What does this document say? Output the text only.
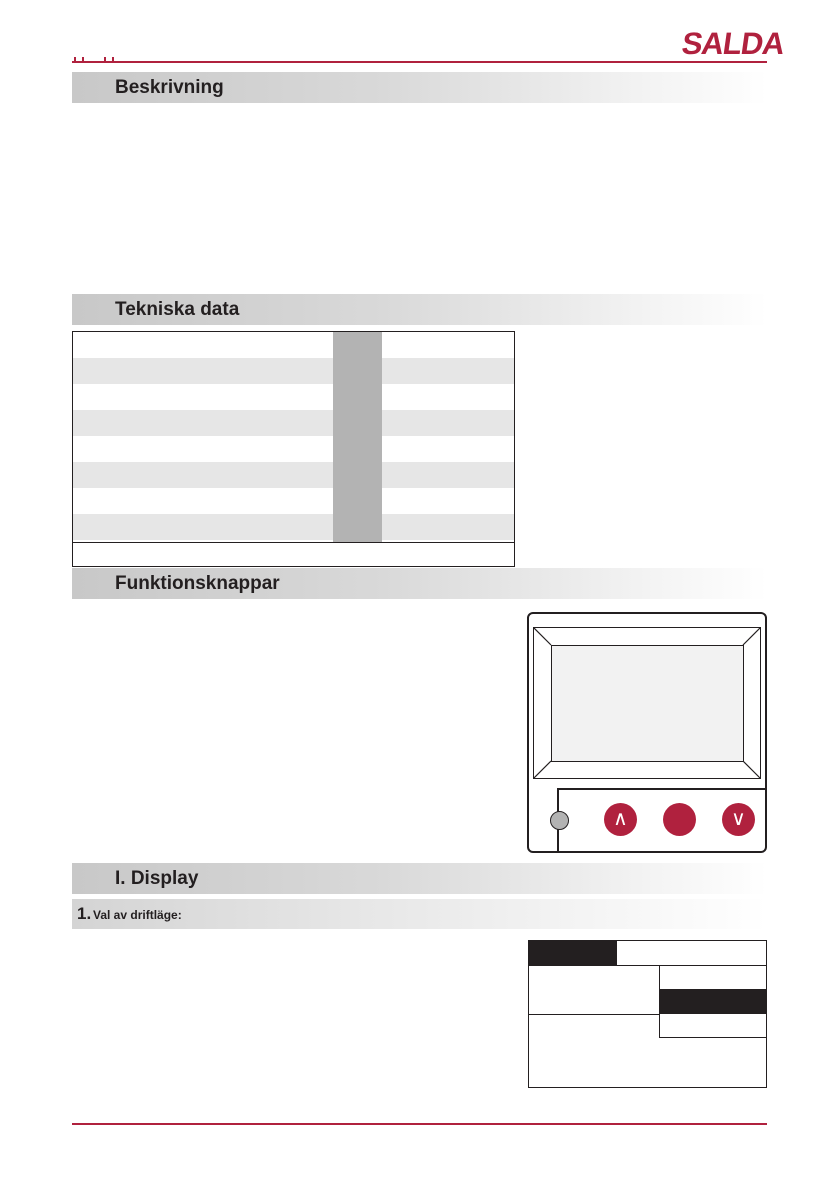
SALDA
Beskrivning
Tekniska data
Funktionsknappar
∧	∨
I. Display
1. Val av driftläge:
